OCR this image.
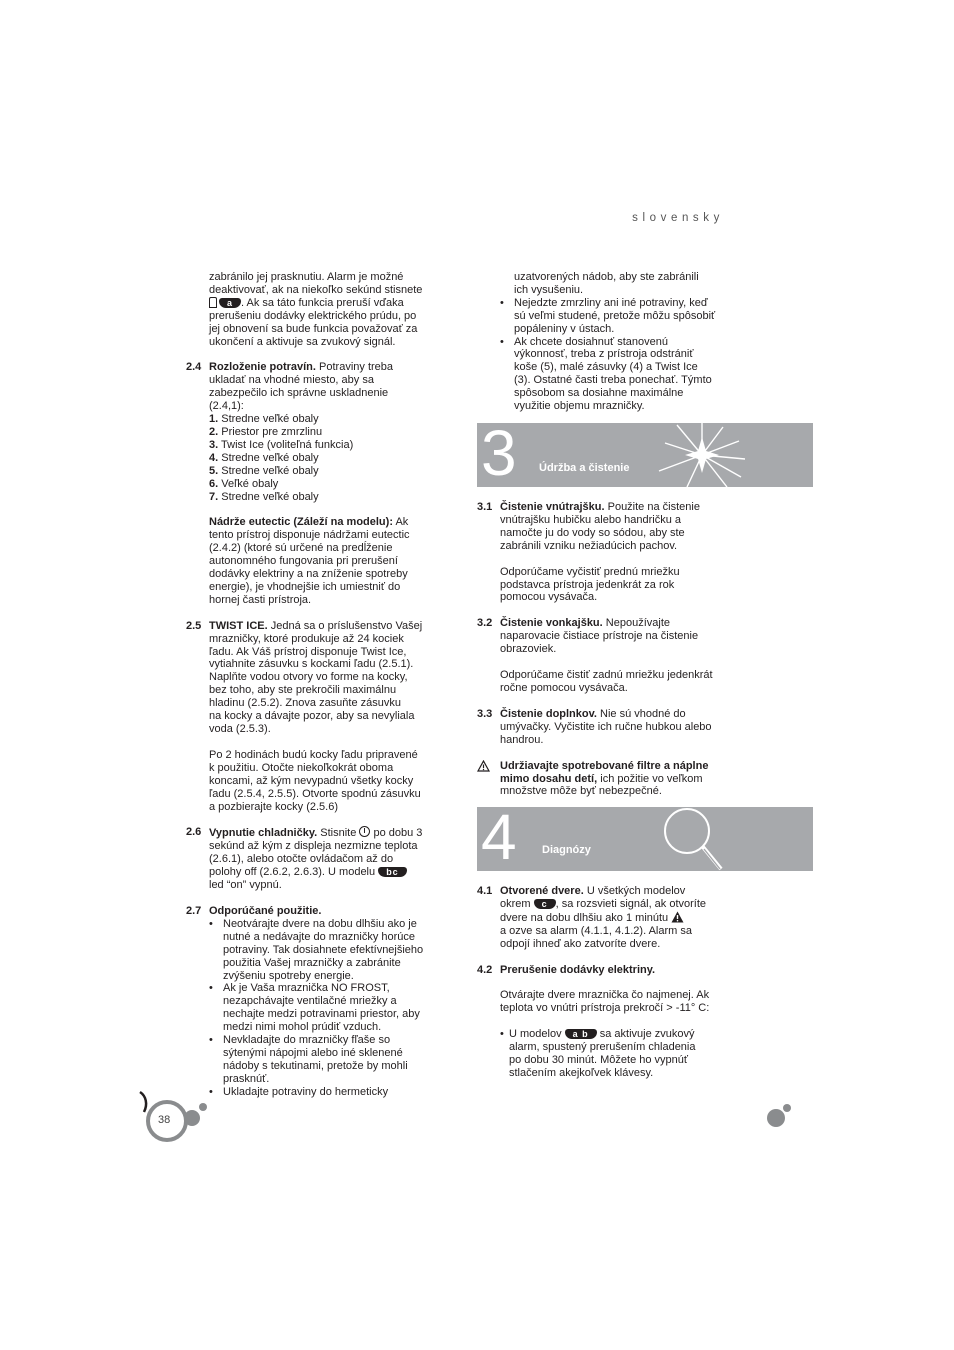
slovensky

zabránilo jej prasknutiu. Alarm je možné

deaktivovať, ak na niekoľko sekúnd stisnete

a . Ak sa táto funkcia preruší vďaka

prerušeniu dodávky elektrického prúdu, po

jej obnovení sa bude funkcia považovať za

ukončení a aktivuje sa zvukový signál.

2.4 Rozloženie potravín. Potraviny treba

ukladať na vhodné miesto, aby sa

zabezpečilo ich správne uskladnenie

(2.4,1):

1. Stredne veľké obaly

2. Priestor pre zmrzlinu

3. Twist Ice (voliteľná funkcia)

4. Stredne veľké obaly

5. Stredne veľké obaly

6. Veľké obaly

7. Stredne veľké obaly

Nádrže eutectic (Záleží na modelu): Ak

tento prístroj disponuje nádržami eutectic

(2.4.2) (ktoré sú určené na predĺženie

autonomného fungovania pri prerušení

dodávky elektriny a na zníženie spotreby

energie), je vhodnejšie ich umiestniť do

hornej časti prístroja.

2.5 TWIST ICE. Jedná sa o príslušenstvo Vašej

mrazničky, ktoré produkuje až 24 kociek

ľadu. Ak Váš prístroj disponuje Twist Ice,

vytiahnite zásuvku s kockami ľadu (2.5.1).

Naplňte vodou otvory vo forme na kocky,

bez toho, aby ste prekročili maximálnu

hladinu (2.5.2). Znova zasuňte zásuvku

na kocky a dávajte pozor, aby sa nevyliala

voda (2.5.3).

Po 2 hodinách budú kocky ľadu pripravené

k použitiu. Otočte niekoľkokrát oboma

koncami, až kým nevypadnú všetky kocky

ľadu (2.5.4, 2.5.5). Otvorte spodnú zásuvku

a pozbierajte kocky (2.5.6)

2.6 Vypnutie chladničky. Stisnite po dobu 3

sekúnd až kým z displeja nezmizne teplota

(2.6.1), alebo otočte ovládačom až do

polohy off (2.6.2, 2.6.3). U modelu bc

led “on” vypnú.

2.7 Odporúčané použitie.

• Neotvárajte dvere na dobu dlhšiu ako je

nutné a nedávajte do mrazničky horúce

potraviny. Tak dosiahnete efektívnejšieho

použitia Vašej mrazničky a zabránite

zvýšeniu spotreby energie.

• Ak je Vaša mraznička NO FROST,

nezapchávajte ventilačné mriežky a

nechajte medzi potravinami priestor, aby

medzi nimi mohol prúdiť vzduch.

• Nevkladajte do mrazničky fľaše so

sýtenými nápojmi alebo iné sklenené

nádoby s tekutinami, pretože by mohli

prasknúť.

• Ukladajte potraviny do hermeticky

uzatvorených nádob, aby ste zabránili

ich vysušeniu.

• Nejedzte zmrzliny ani iné potraviny, keď

sú veľmi studené, pretože môžu spôsobiť

popáleniny v ústach.

• Ak chcete dosiahnuť stanovenú

výkonnosť, treba z prístroja odstrániť

koše (5), malé zásuvky (4) a Twist Ice

(3). Ostatné časti treba ponechať. Týmto

spôsobom sa dosiahne maximálne

využitie objemu mrazničky.

3 Údržba a čistenie
3.1 Čistenie vnútrajšku. Použite na čistenie

vnútrajšku hubičku alebo handričku a

namočte ju do vody so sódou, aby ste

zabránili vzniku nežiadúcich pachov.

Odporúčame vyčistiť prednú mriežku

podstavca prístroja jedenkrát za rok

pomocou vysávača.

3.2 Čistenie vonkajšku. Nepoužívajte

naparovacie čistiace prístroje na čistenie

obrazoviek.

Odporúčame čistiť zadnú mriežku jedenkrát

ročne pomocou vysávača.

3.3 Čistenie doplnkov. Nie sú vhodné do

umývačky. Vyčistite ich ručne hubkou alebo

handrou.

Udržiavajte spotrebované filtre a náplne

mimo dosahu detí, ich požitie vo veľkom

množstve môže byť nebezpečné.

4 Diagnózy
4.1 Otvorené dvere. U všetkých modelov

okrem c , sa rozsvieti signál, ak otvoríte

dvere na dobu dlhšiu ako 1 minútu

a ozve sa alarm (4.1.1, 4.1.2). Alarm sa

odpojí ihneď ako zatvoríte dvere.

4.2 Prerušenie dodávky elektriny.

Otvárajte dvere mraznička čo najmenej. Ak

teplota vo vnútri prístroja prekročí > -11° C:

• U modelov a b sa aktivuje zvukový

alarm, spustený prerušením chladenia

po dobu 30 minút. Môžete ho vypnúť

stlačením akejkoľvek klávesy.

38
